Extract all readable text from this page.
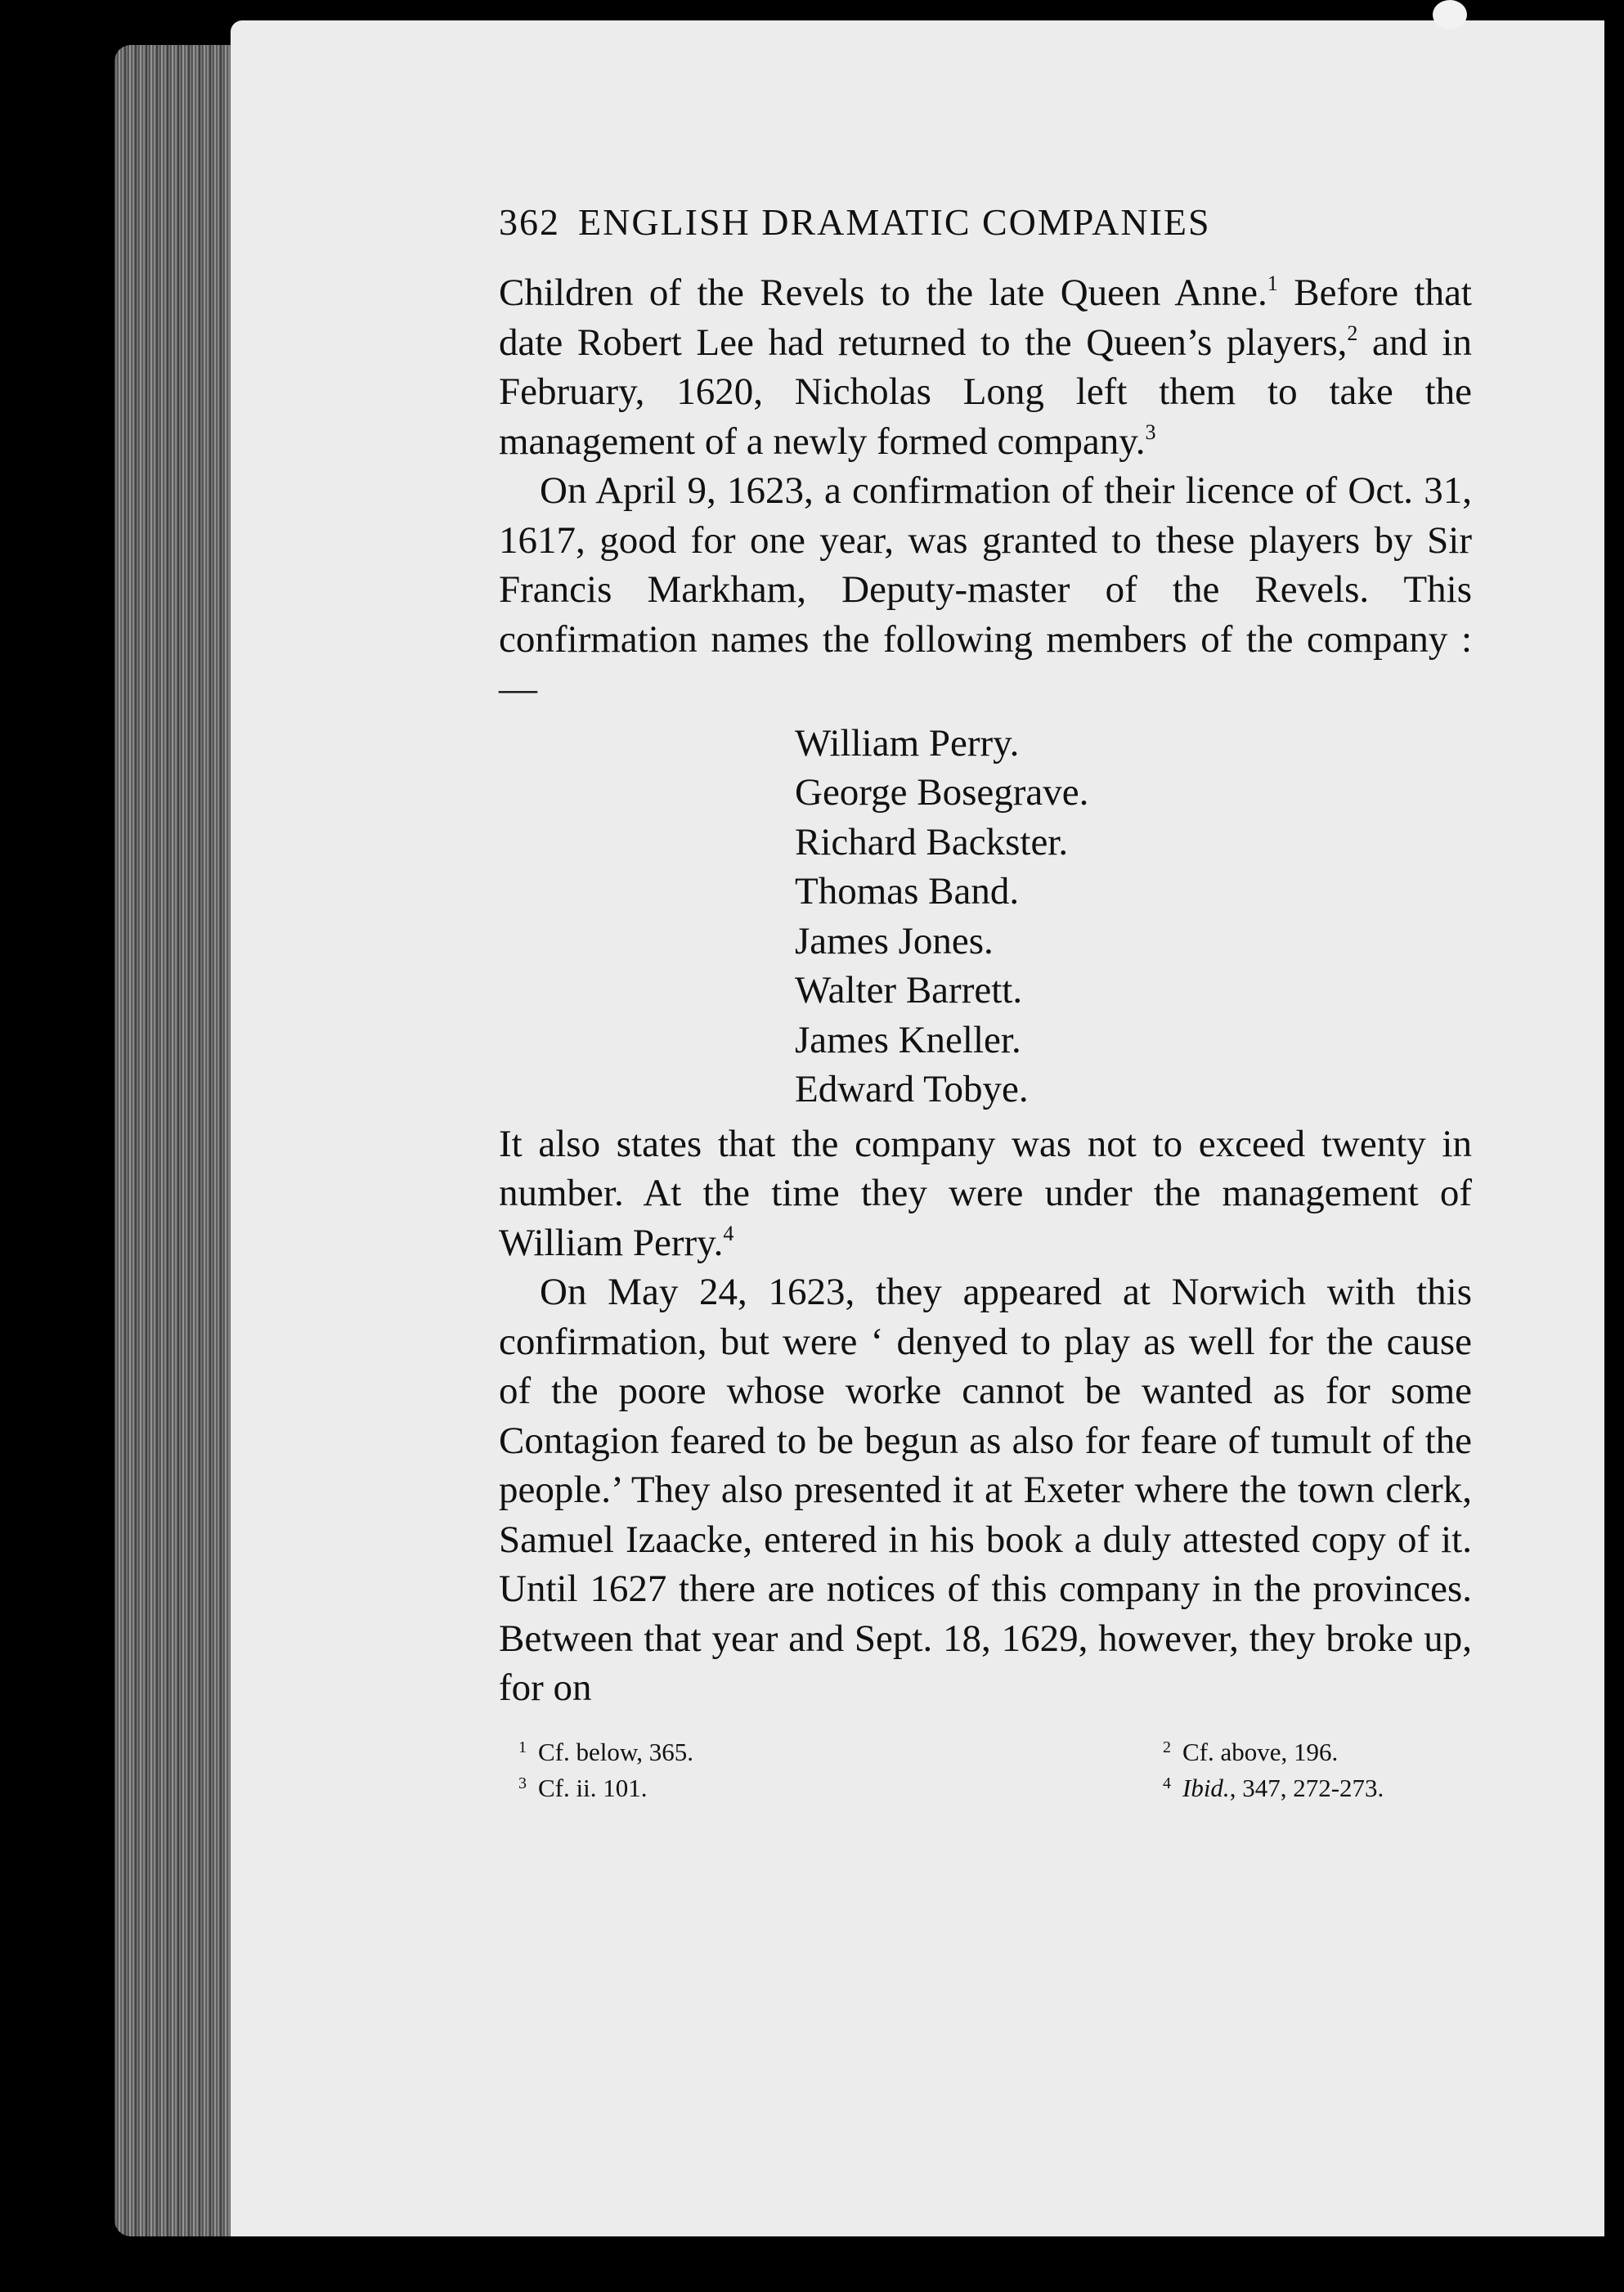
362 ENGLISH DRAMATIC COMPANIES

Children of the Revels to the late Queen Anne.$^1$ Before that date Robert Lee had returned to the Queen’s players,$^2$ and in February, 1620, Nicholas Long left them to take the management of a newly formed company.$^3$

On April 9, 1623, a confirmation of their licence of Oct. 31, 1617, good for one year, was granted to these players by Sir Francis Markham, Deputy-master of the Revels. This confirmation names the following members of the company :—

William Perry.
George Bosegrave.
Richard Backster.
Thomas Band.
James Jones.
Walter Barrett.
James Kneller.
Edward Tobye.

It also states that the company was not to exceed twenty in number. At the time they were under the management of William Perry.$^4$

On May 24, 1623, they appeared at Norwich with this confirmation, but were ‘ denyed to play as well for the cause of the poore whose worke cannot be wanted as for some Contagion feared to be begun as also for feare of tumult of the people.’ They also presented it at Exeter where the town clerk, Samuel Izaacke, entered in his book a duly attested copy of it. Until 1627 there are notices of this company in the provinces. Between that year and Sept. 18, 1629, however, they broke up, for on

$^1$ Cf. below, 365.	$^2$ Cf. above, 196.
$^3$ Cf. ii. 101.	$^4$ Ibid., 347, 272-273.
